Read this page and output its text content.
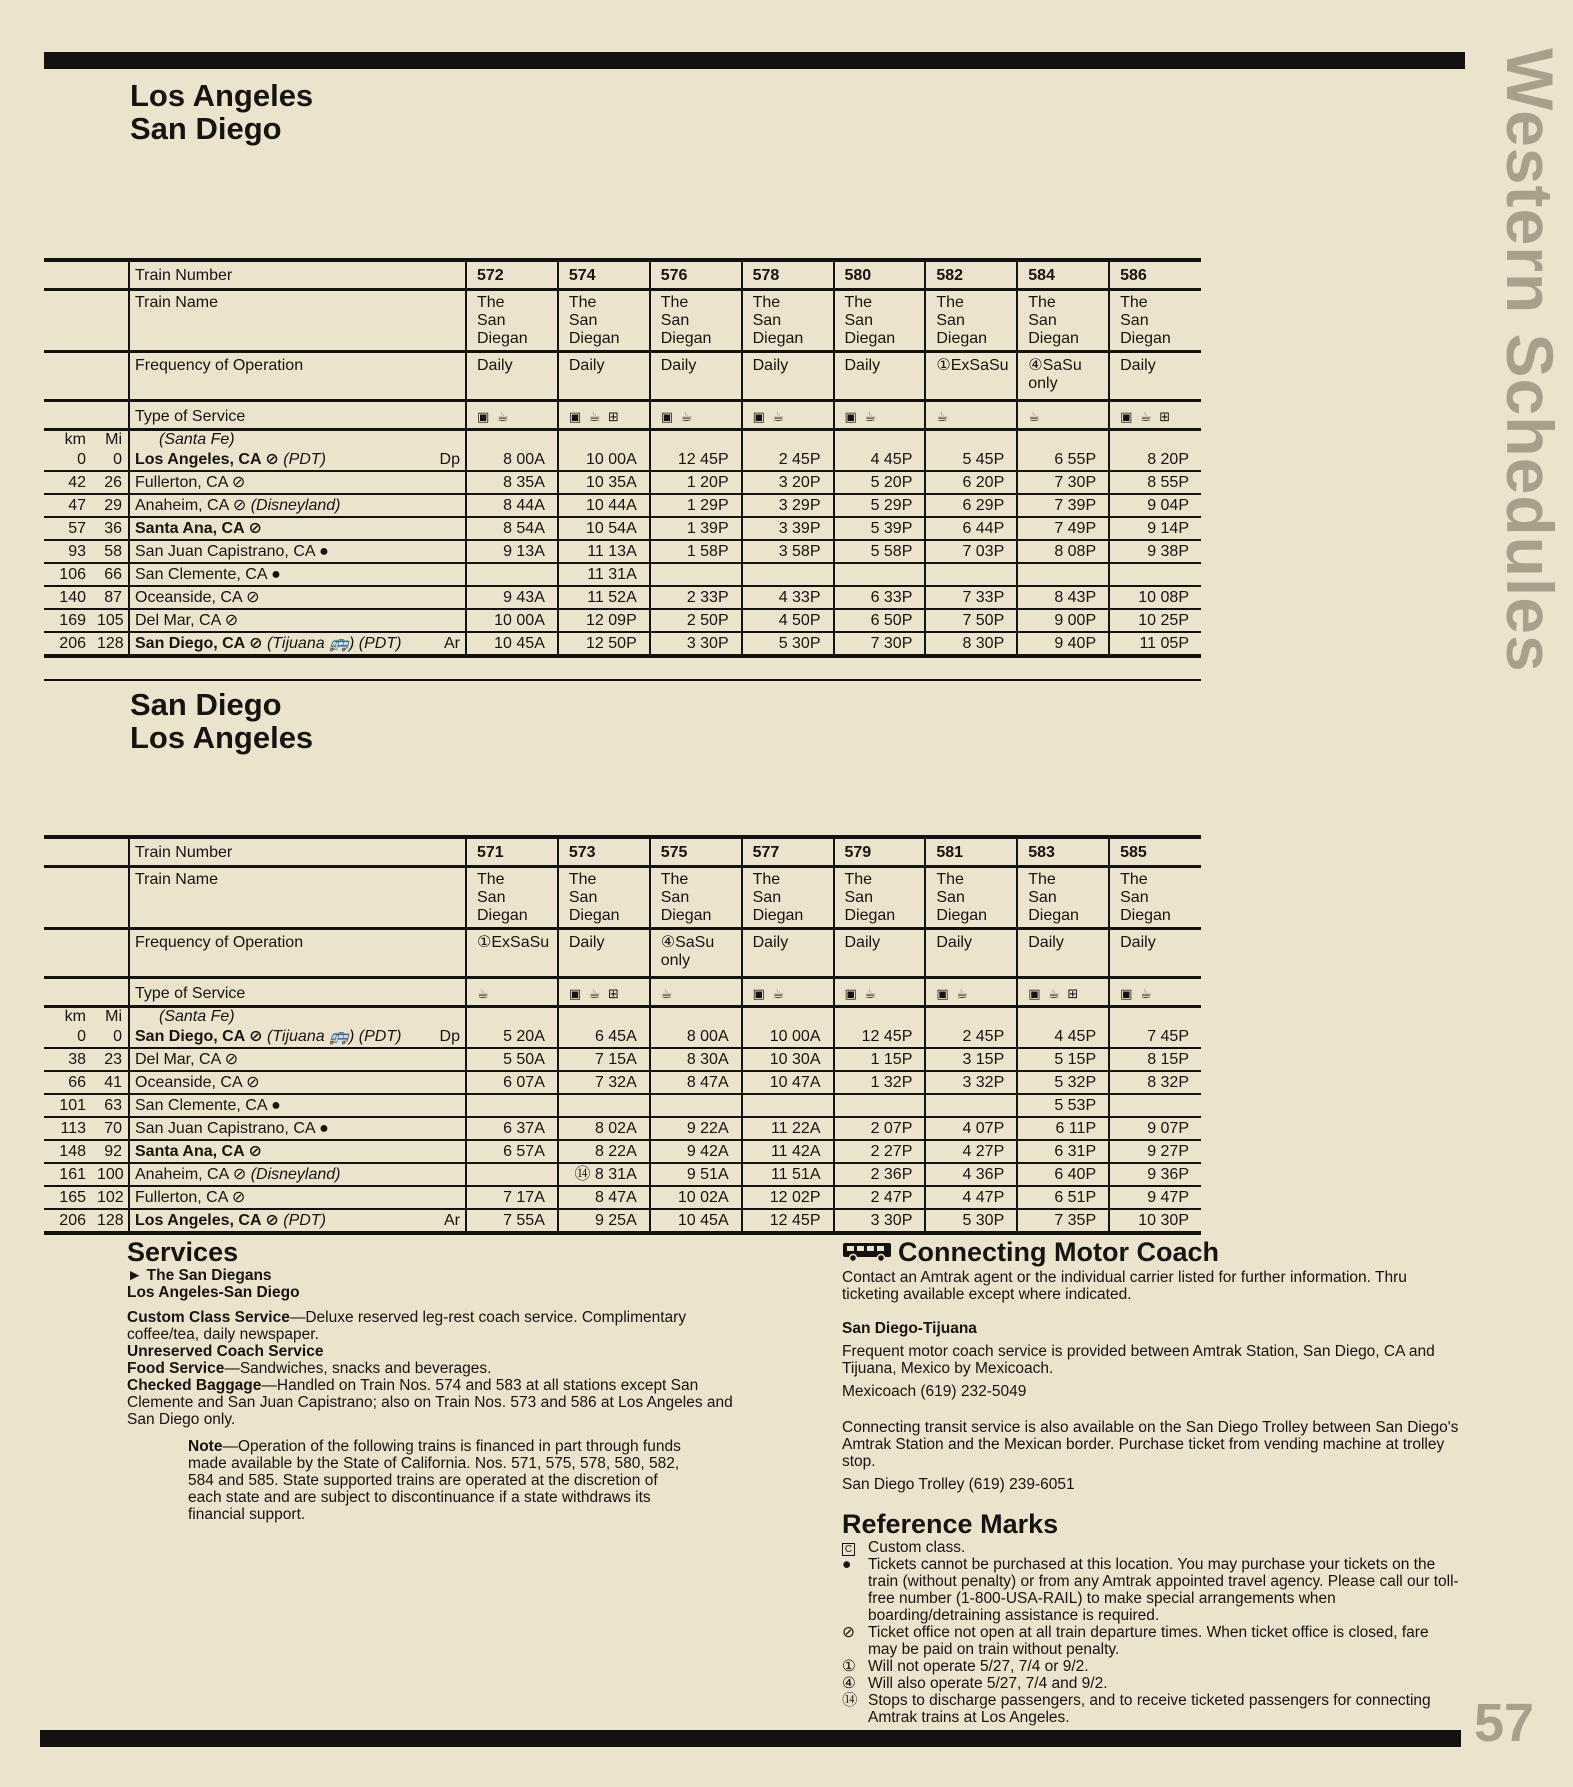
Western Schedules
57
Los Angeles
San Diego
		Train Number	572	574	576	578	580	582	584	586
		Train Name	The
San
Diegan	The
San
Diegan	The
San
Diegan	The
San
Diegan	The
San
Diegan	The
San
Diegan	The
San
Diegan	The
San
Diegan
		Frequency of Operation	Daily	Daily	Daily	Daily	Daily	①ExSaSu	④SaSu
only	Daily
		Type of Service	▣ ☕	▣ ☕ ⊞	▣ ☕	▣ ☕	▣ ☕	☕	☕	▣ ☕ ⊞
km	Mi	(Santa Fe)								
0	0	Los Angeles, CA ⊘ (PDT) Dp	8 00A	10 00A	12 45P	2 45P	4 45P	5 45P	6 55P	8 20P
42	26	Fullerton, CA ⊘	8 35A	10 35A	1 20P	3 20P	5 20P	6 20P	7 30P	8 55P
47	29	Anaheim, CA ⊘ (Disneyland)	8 44A	10 44A	1 29P	3 29P	5 29P	6 29P	7 39P	9 04P
57	36	Santa Ana, CA ⊘	8 54A	10 54A	1 39P	3 39P	5 39P	6 44P	7 49P	9 14P
93	58	San Juan Capistrano, CA ●	9 13A	11 13A	1 58P	3 58P	5 58P	7 03P	8 08P	9 38P
106	66	San Clemente, CA ●		11 31A						
140	87	Oceanside, CA ⊘	9 43A	11 52A	2 33P	4 33P	6 33P	7 33P	8 43P	10 08P
169	105	Del Mar, CA ⊘	10 00A	12 09P	2 50P	4 50P	6 50P	7 50P	9 00P	10 25P
206	128	San Diego, CA ⊘ (Tijuana 🚌) (PDT) Ar	10 45A	12 50P	3 30P	5 30P	7 30P	8 30P	9 40P	11 05P
San Diego
Los Angeles
		Train Number	571	573	575	577	579	581	583	585
		Train Name	The
San
Diegan	The
San
Diegan	The
San
Diegan	The
San
Diegan	The
San
Diegan	The
San
Diegan	The
San
Diegan	The
San
Diegan
		Frequency of Operation	①ExSaSu	Daily	④SaSu
only	Daily	Daily	Daily	Daily	Daily
		Type of Service	☕	▣ ☕ ⊞	☕	▣ ☕	▣ ☕	▣ ☕	▣ ☕ ⊞	▣ ☕
km	Mi	(Santa Fe)								
0	0	San Diego, CA ⊘ (Tijuana 🚌) (PDT) Dp	5 20A	6 45A	8 00A	10 00A	12 45P	2 45P	4 45P	7 45P
38	23	Del Mar, CA ⊘	5 50A	7 15A	8 30A	10 30A	1 15P	3 15P	5 15P	8 15P
66	41	Oceanside, CA ⊘	6 07A	7 32A	8 47A	10 47A	1 32P	3 32P	5 32P	8 32P
101	63	San Clemente, CA ●							5 53P	
113	70	San Juan Capistrano, CA ●	6 37A	8 02A	9 22A	11 22A	2 07P	4 07P	6 11P	9 07P
148	92	Santa Ana, CA ⊘	6 57A	8 22A	9 42A	11 42A	2 27P	4 27P	6 31P	9 27P
161	100	Anaheim, CA ⊘ (Disneyland)		⑭ 8 31A	9 51A	11 51A	2 36P	4 36P	6 40P	9 36P
165	102	Fullerton, CA ⊘	7 17A	8 47A	10 02A	12 02P	2 47P	4 47P	6 51P	9 47P
206	128	Los Angeles, CA ⊘ (PDT) Ar	7 55A	9 25A	10 45A	12 45P	3 30P	5 30P	7 35P	10 30P
Services

► The San Diegans

Los Angeles-San Diego

Custom Class Service—Deluxe reserved leg-rest coach service. Complimentary coffee/tea, daily newspaper.

Unreserved Coach Service

Food Service—Sandwiches, snacks and beverages.

Checked Baggage—Handled on Train Nos. 574 and 583 at all stations except San Clemente and San Juan Capistrano; also on Train Nos. 573 and 586 at Los Angeles and San Diego only.

Note—Operation of the following trains is financed in part through funds made available by the State of California. Nos. 571, 575, 578, 580, 582, 584 and 585. State supported trains are operated at the discretion of each state and are subject to discontinuance if a state withdraws its financial support.

Connecting Motor Coach

Contact an Amtrak agent or the individual carrier listed for further information. Thru ticketing available except where indicated.

San Diego-Tijuana

Frequent motor coach service is provided between Amtrak Station, San Diego, CA and Tijuana, Mexico by Mexicoach.

Mexicoach (619) 232-5049

Connecting transit service is also available on the San Diego Trolley between San Diego's Amtrak Station and the Mexican border. Purchase ticket from vending machine at trolley stop.

San Diego Trolley (619) 239-6051

Reference Marks
C	Custom class.
●	Tickets cannot be purchased at this location. You may purchase your tickets on the train (without penalty) or from any Amtrak appointed travel agency. Please call our toll-free number (1-800-USA-RAIL) to make special arrangements when boarding/detraining assistance is required.
⊘ Ticket office not open at all train departure times. When ticket office is closed, fare may be paid on train without penalty.
① Will not operate 5/27, 7/4 or 9/2.
④ Will also operate 5/27, 7/4 and 9/2.
⑭ Stops to discharge passengers, and to receive ticketed passengers for connecting Amtrak trains at Los Angeles.
